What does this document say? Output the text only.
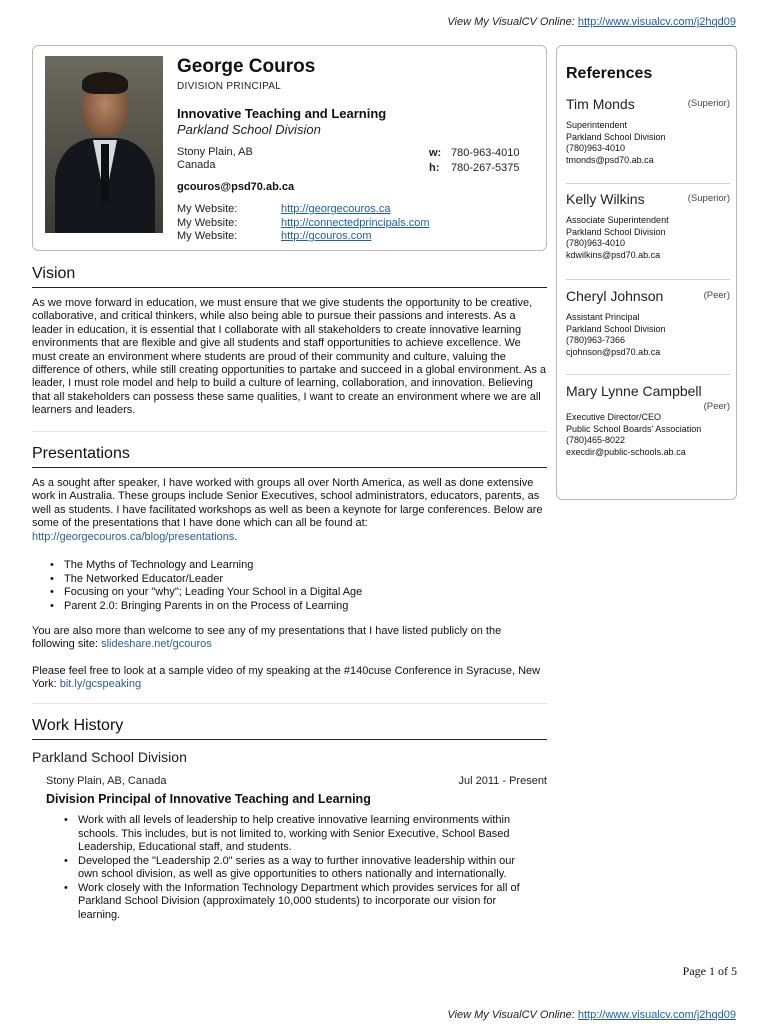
View My VisualCV Online: http://www.visualcv.com/j2hqd09
George Couros
DIVISION PRINCIPAL
Innovative Teaching and Learning
Parkland School Division
Stony Plain, AB
Canada
w: 780-963-4010
h: 780-267-5375
gcouros@psd70.ab.ca
My Website:	http://georgecouros.ca
My Website:	http://connectedprincipals.com
My Website:	http://gcouros.com
Vision
As we move forward in education, we must ensure that we give students the opportunity to be creative, collaborative, and critical thinkers, while also being able to pursue their passions and interests. As a leader in education, it is essential that I collaborate with all stakeholders to create innovative learning environments that are flexible and give all students and staff opportunities to achieve excellence. We must create an environment where students are proud of their community and culture, valuing the difference of others, while still creating opportunities to partake and succeed in a global environment. As a leader, I must role model and help to build a culture of learning, collaboration, and innovation. Believing that all stakeholders can possess these same qualities, I want to create an environment where we are all learners and leaders.
Presentations
As a sought after speaker, I have worked with groups all over North America, as well as done extensive work in Australia. These groups include Senior Executives, school administrators, educators, parents, as well as students. I have facilitated workshops as well as been a keynote for large conferences. Below are some of the presentations that I have done which can all be found at: http://georgecouros.ca/blog/presentations.
• The Myths of Technology and Learning
• The Networked Educator/Leader
• Focusing on your "why"; Leading Your School in a Digital Age
• Parent 2.0: Bringing Parents in on the Process of Learning
You are also more than welcome to see any of my presentations that I have listed publicly on the following site: slideshare.net/gcouros
Please feel free to look at a sample video of my speaking at the #140cuse Conference in Syracuse, New York: bit.ly/gcspeaking
Work History
Parkland School Division
Stony Plain, AB, Canada	Jul 2011 - Present
Division Principal of Innovative Teaching and Learning
• Work with all levels of leadership to help creative innovative learning environments within schools. This includes, but is not limited to, working with Senior Executive, School Based Leadership, Educational staff, and students.
• Developed the "Leadership 2.0" series as a way to further innovative leadership within our own school division, as well as give opportunities to others nationally and internationally.
• Work closely with the Information Technology Department which provides services for all of Parkland School Division (approximately 10,000 students) to incorporate our vision for learning.
Page 1 of 5
References
Tim Monds	(Superior)
Superintendent
Parkland School Division
(780)963-4010
tmonds@psd70.ab.ca
Kelly Wilkins	(Superior)
Associate Superintendent
Parkland School Division
(780)963-4010
kdwilkins@psd70.ab.ca
Cheryl Johnson	(Peer)
Assistant Principal
Parkland School Division
(780)963-7366
cjohnson@psd70.ab.ca
Mary Lynne Campbell
(Peer)
Executive Director/CEO
Public School Boards' Association
(780)465-8022
execdir@public-schools.ab.ca
View My VisualCV Online: http://www.visualcv.com/j2hqd09
